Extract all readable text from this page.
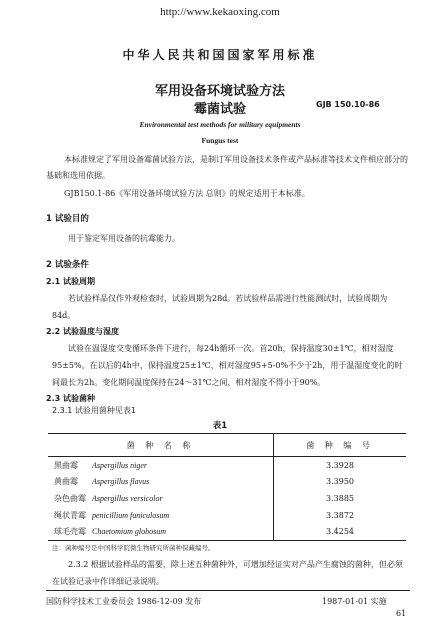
http://www.kekaoxing.com
中华人民共和国国家军用标准
军用设备环境试验方法
霉菌试验	GJB 150.10-86
Environmental test methods for military equipments
Fungus test
本标准规定了军用设备霉菌试验方法，是制订军用设备技术条件或产品标准等技术文件相应部分的基础和选用依据。
GJB150.1-86《军用设备环境试验方法 总则》的规定适用于本标准。
1 试验目的
用于鉴定军用设备的抗霉能力。
2 试验条件
2.1 试验周期
若试验样品仅作外观检查时，试验周期为28d。若试验样品需进行性能测试时，试验周期为84d。
2.2 试验温度与湿度
试验在温湿度交变循环条件下进行，每24h循环一次。首20h，保持温度30±1℃，相对湿度95±5%。在以后的4h中，保持温度25±1℃，相对湿度95+5-0%不少于2h，用于温湿度变化的时间最长为2h。变化期间温度保持在24～31℃之间，相对湿度不得小于90%。
2.3 试验菌种
2.3.1 试验用菌种见表1
表1
菌 种 名 称	菌 种 编 号
黑曲霉 Aspergillus niger	3.3928
黄曲霉 Aspergillus flavus	3.3950
杂色曲霉 Aspergillus versicolor	3.3885
绳状青霉 penicillium funiculosum	3.3872
球毛壳霉 Chaetomium globosum	3.4254
注：菌种编号是中国科学院微生物研究所菌种保藏编号。
2.3.2 根据试验样品的需要，除上述五种菌种外，可增加经证实对产品产生腐蚀的菌种，但必须在试验记录中作详细记录说明。
国防科学技术工业委员会 1986-12-09 发布	1987-01-01 实施
61
